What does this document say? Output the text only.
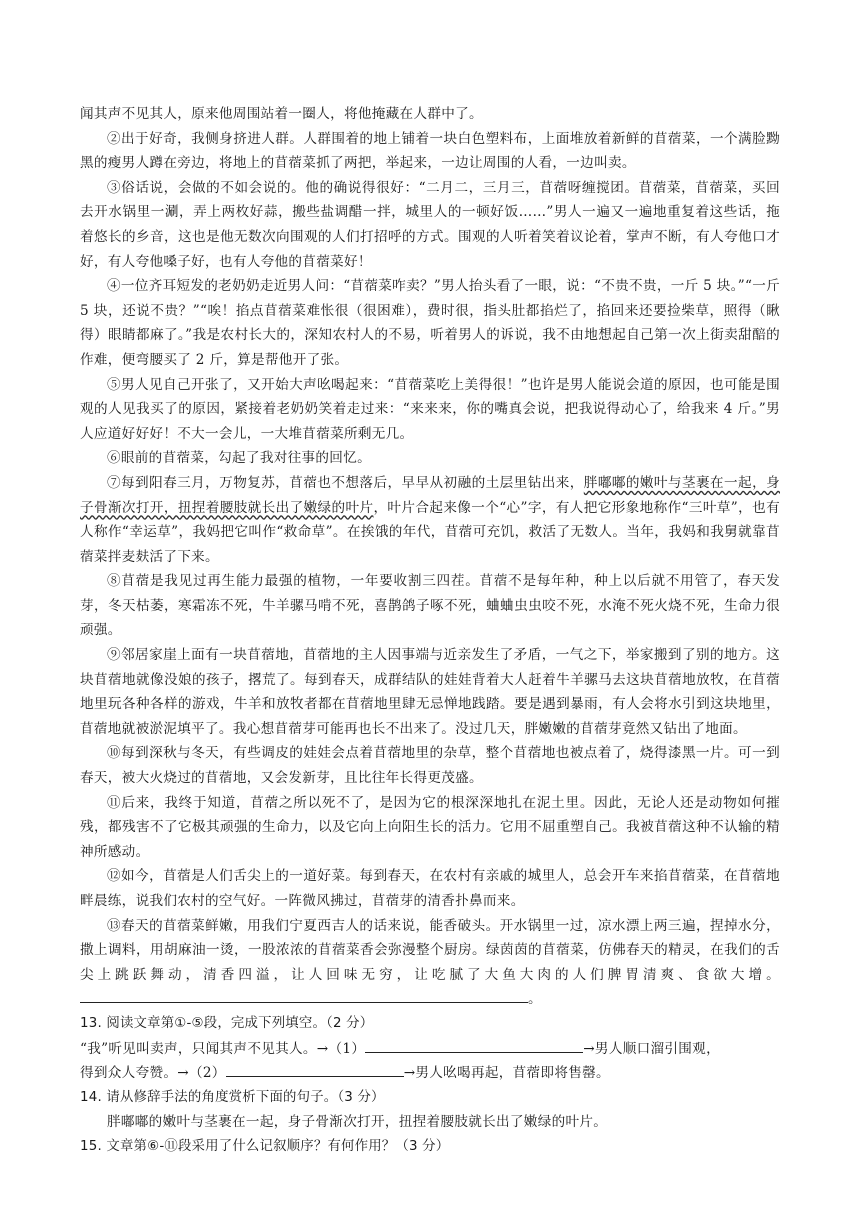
闻其声不见其人，原来他周围站着一圈人，将他掩藏在人群中了。

②出于好奇，我侧身挤进人群。人群围着的地上铺着一块白色塑料布，上面堆放着新鲜的苜蓿菜，一个满脸黝黑的瘦男人蹲在旁边，将地上的苜蓿菜抓了两把，举起来，一边让周围的人看，一边叫卖。

③俗话说，会做的不如会说的。他的确说得很好：“二月二，三月三，苜蓿呀缠搅团。苜蓿菜，苜蓿菜，买回去开水锅里一涮，弄上两枚好蒜，搬些盐调醋一拌，城里人的一顿好饭……”男人一遍又一遍地重复着这些话，拖着悠长的乡音，这也是他无数次向围观的人们打招呼的方式。围观的人听着笑着议论着，掌声不断，有人夸他口才好，有人夸他嗓子好，也有人夸他的苜蓿菜好！

④一位齐耳短发的老奶奶走近男人问：“苜蓿菜咋卖？”男人抬头看了一眼，说：“不贵不贵，一斤 5 块。”“一斤 5 块，还说不贵？”“唉！掐点苜蓿菜难怅很（很困难），费时很，指头肚都掐烂了，掐回来还要捡柴草，照得（瞅得）眼睛都麻了。”我是农村长大的，深知农村人的不易，听着男人的诉说，我不由地想起自己第一次上街卖甜醅的作难，便弯腰买了 2 斤，算是帮他开了张。

⑤男人见自己开张了，又开始大声吆喝起来：“苜蓿菜吃上美得很！”也许是男人能说会道的原因，也可能是围观的人见我买了的原因，紧接着老奶奶笑着走过来：“来来来，你的嘴真会说，把我说得动心了，给我来 4 斤。”男人应道好好好！不大一会儿，一大堆苜蓿菜所剩无几。

⑥眼前的苜蓿菜，勾起了我对往事的回忆。

⑦每到阳春三月，万物复苏，苜蓿也不想落后，早早从初融的土层里钻出来，胖嘟嘟的嫩叶与茎裹在一起，身子骨渐次打开，扭捏着腰肢就长出了嫩绿的叶片，叶片合起来像一个“心”字，有人把它形象地称作“三叶草”，也有人称作“幸运草”，我妈把它叫作“救命草”。在挨饿的年代，苜蓿可充饥，救活了无数人。当年，我妈和我舅就靠苜蓿菜拌麦麸活了下来。

⑧苜蓿是我见过再生能力最强的植物，一年要收割三四茬。苜蓿不是每年种，种上以后就不用管了，春天发芽，冬天枯萎，寒霜冻不死，牛羊骡马啃不死，喜鹊鸽子啄不死，蛐蛐虫虫咬不死，水淹不死火烧不死，生命力很顽强。

⑨邻居家崖上面有一块苜蓿地，苜蓿地的主人因事端与近亲发生了矛盾，一气之下，举家搬到了别的地方。这块苜蓿地就像没娘的孩子，撂荒了。每到春天，成群结队的娃娃背着大人赶着牛羊骡马去这块苜蓿地放牧，在苜蓿地里玩各种各样的游戏，牛羊和放牧者都在苜蓿地里肆无忌惮地践踏。要是遇到暴雨，有人会将水引到这块地里，苜蓿地就被淤泥填平了。我心想苜蓿芽可能再也长不出来了。没过几天，胖嫩嫩的苜蓿芽竟然又钻出了地面。

⑩每到深秋与冬天，有些调皮的娃娃会点着苜蓿地里的杂草，整个苜蓿地也被点着了，烧得漆黑一片。可一到春天，被大火烧过的苜蓿地，又会发新芽，且比往年长得更茂盛。

⑪后来，我终于知道，苜蓿之所以死不了，是因为它的根深深地扎在泥土里。因此，无论人还是动物如何摧残，都残害不了它极其顽强的生命力，以及它向上向阳生长的活力。它用不屈重塑自己。我被苜蓿这种不认输的精神所感动。

⑫如今，苜蓿是人们舌尖上的一道好菜。每到春天，在农村有亲戚的城里人，总会开车来掐苜蓿菜，在苜蓿地畔晨练，说我们农村的空气好。一阵微风拂过，苜蓿芽的清香扑鼻而来。

⑬春天的苜蓿菜鲜嫩，用我们宁夏西吉人的话来说，能香破头。开水锅里一过，凉水漂上两三遍，捏掉水分，撒上调料，用胡麻油一烫，一股浓浓的苜蓿菜香会弥漫整个厨房。绿茵茵的苜蓿菜，仿佛春天的精灵，在我们的舌尖上跳跃舞动，清香四溢，让人回味无穷，让吃腻了大鱼大肉的人们脾胃清爽、食欲大增。。

13. 阅读文章第①-⑤段，完成下列填空。（2 分）

“我”听见叫卖声，只闻其声不见其人。→（1）	→男人顺口溜引围观，

得到众人夸赞。→（2）	→男人吆喝再起，苜蓿即将售罄。

14. 请从修辞手法的角度赏析下面的句子。（3 分）

胖嘟嘟的嫩叶与茎裹在一起，身子骨渐次打开，扭捏着腰肢就长出了嫩绿的叶片。

15. 文章第⑥-⑪段采用了什么记叙顺序？有何作用？（3 分）
